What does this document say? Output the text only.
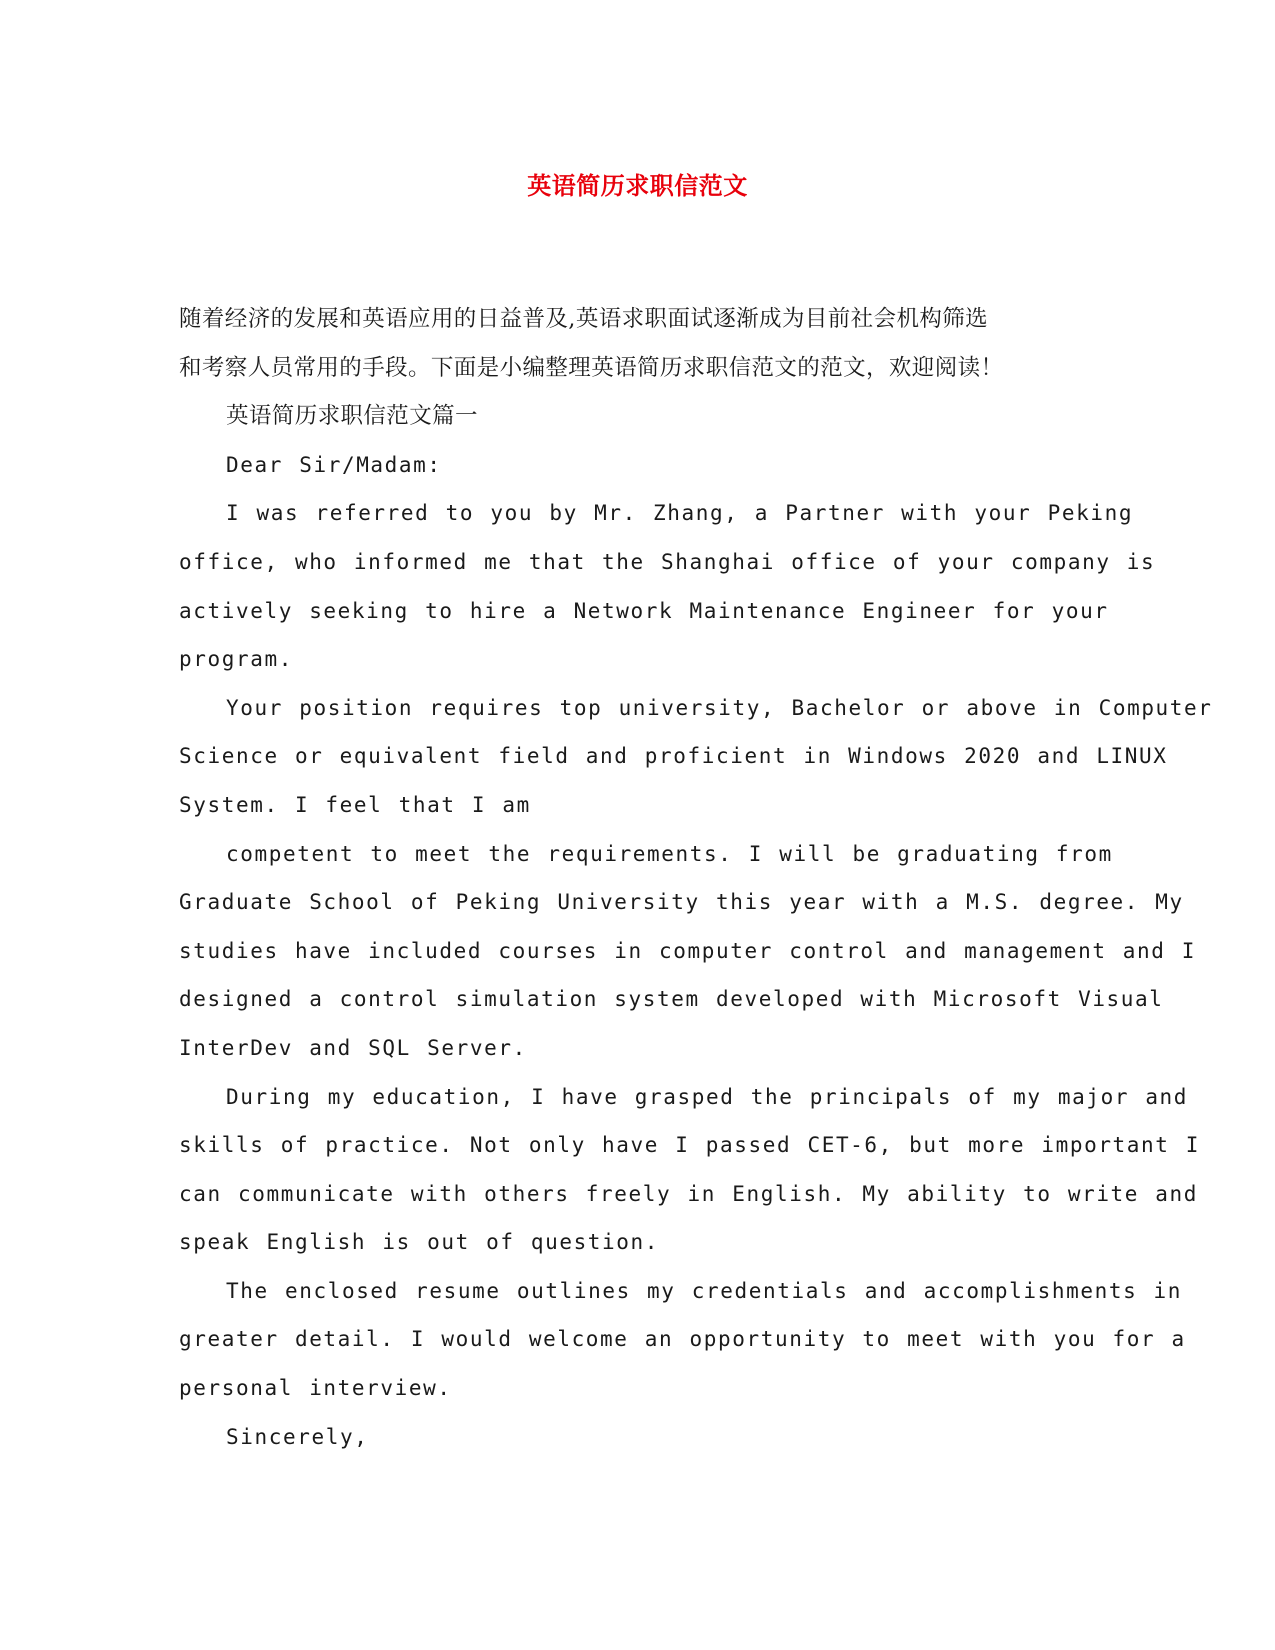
英语简历求职信范文
随着经济的发展和英语应用的日益普及,英语求职面试逐渐成为目前社会机构筛选
和考察人员常用的手段。下面是小编整理英语简历求职信范文的范文，欢迎阅读！
英语简历求职信范文篇一
Dear Sir/Madam:
I was referred to you by Mr. Zhang, a Partner with your Peking
office, who informed me that the Shanghai office of your company is
actively seeking to hire a Network Maintenance Engineer for your
program.
Your position requires top university, Bachelor or above in Computer
Science or equivalent field and proficient in Windows 2020 and LINUX
System. I feel that I am
competent to meet the requirements. I will be graduating from
Graduate School of Peking University this year with a M.S. degree. My
studies have included courses in computer control and management and I
designed a control simulation system developed with Microsoft Visual
InterDev and SQL Server.
During my education, I have grasped the principals of my major and
skills of practice. Not only have I passed CET-6, but more important I
can communicate with others freely in English. My ability to write and
speak English is out of question.
The enclosed resume outlines my credentials and accomplishments in
greater detail. I would welcome an opportunity to meet with you for a
personal interview.
Sincerely,
